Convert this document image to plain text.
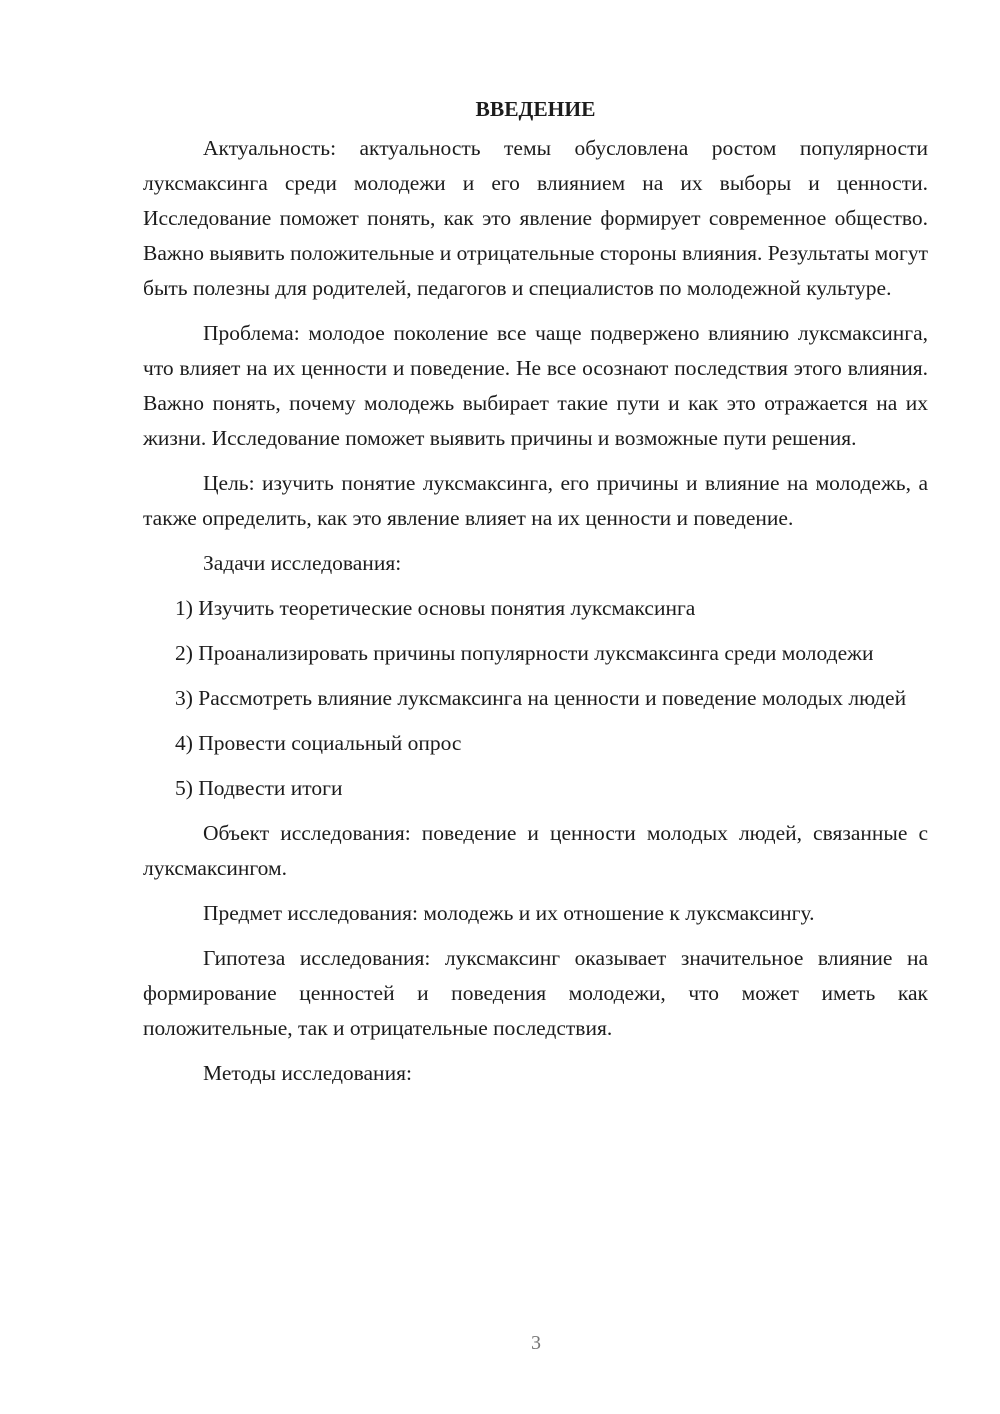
ВВЕДЕНИЕ

Актуальность: актуальность темы обусловлена ростом популярности луксмаксинга среди молодежи и его влиянием на их выборы и ценности. Исследование поможет понять, как это явление формирует современное общество. Важно выявить положительные и отрицательные стороны влияния. Результаты могут быть полезны для родителей, педагогов и специалистов по молодежной культуре.

Проблема: молодое поколение все чаще подвержено влиянию луксмаксинга, что влияет на их ценности и поведение. Не все осознают последствия этого влияния. Важно понять, почему молодежь выбирает такие пути и как это отражается на их жизни. Исследование поможет выявить причины и возможные пути решения.

Цель: изучить понятие луксмаксинга, его причины и влияние на молодежь, а также определить, как это явление влияет на их ценности и поведение.

Задачи исследования:

1) Изучить теоретические основы понятия луксмаксинга

2) Проанализировать причины популярности луксмаксинга среди молодежи

3) Рассмотреть влияние луксмаксинга на ценности и поведение молодых людей

4) Провести социальный опрос

5) Подвести итоги

Объект исследования: поведение и ценности молодых людей, связанные с луксмаксингом.

Предмет исследования: молодежь и их отношение к луксмаксингу.

Гипотеза исследования: луксмаксинг оказывает значительное влияние на формирование ценностей и поведения молодежи, что может иметь как положительные, так и отрицательные последствия.

Методы исследования:

3
